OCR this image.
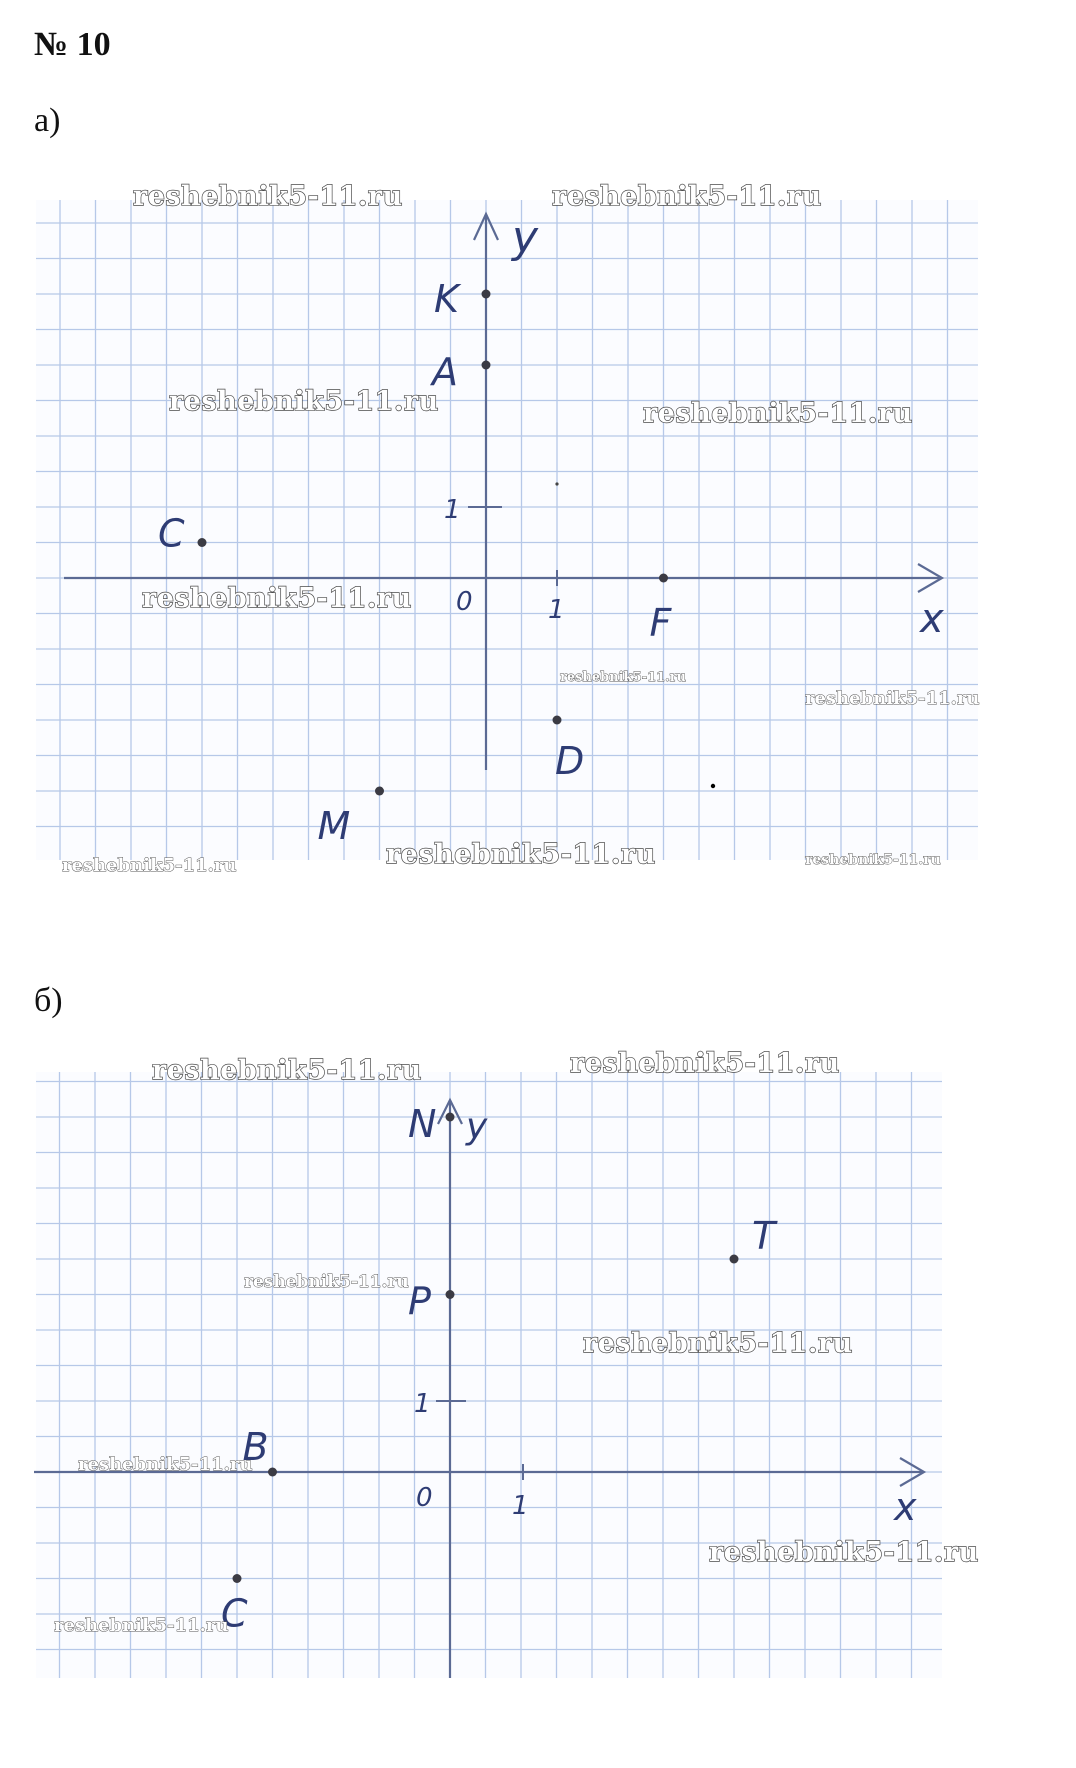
№ 10
а)
x
y
0	1
1
K
A
C
F
D
M
reshebnik5-11.ru	reshebnik5-11.ru
reshebnik5-11.ru	reshebnik5-11.ru
reshebnik5-11.ru
reshebnik5-11.ru
reshebnik5-11.ru
reshebnik5-11.ru
reshebnik5-11.ru	reshebnik5-11.ru
б)
x
y
0	1
1
N
P
T
B
C
reshebnik5-11.ru	reshebnik5-11.ru
reshebnik5-11.ru
reshebnik5-11.ru
reshebnik5-11.ru
reshebnik5-11.ru
reshebnik5-11.ru
